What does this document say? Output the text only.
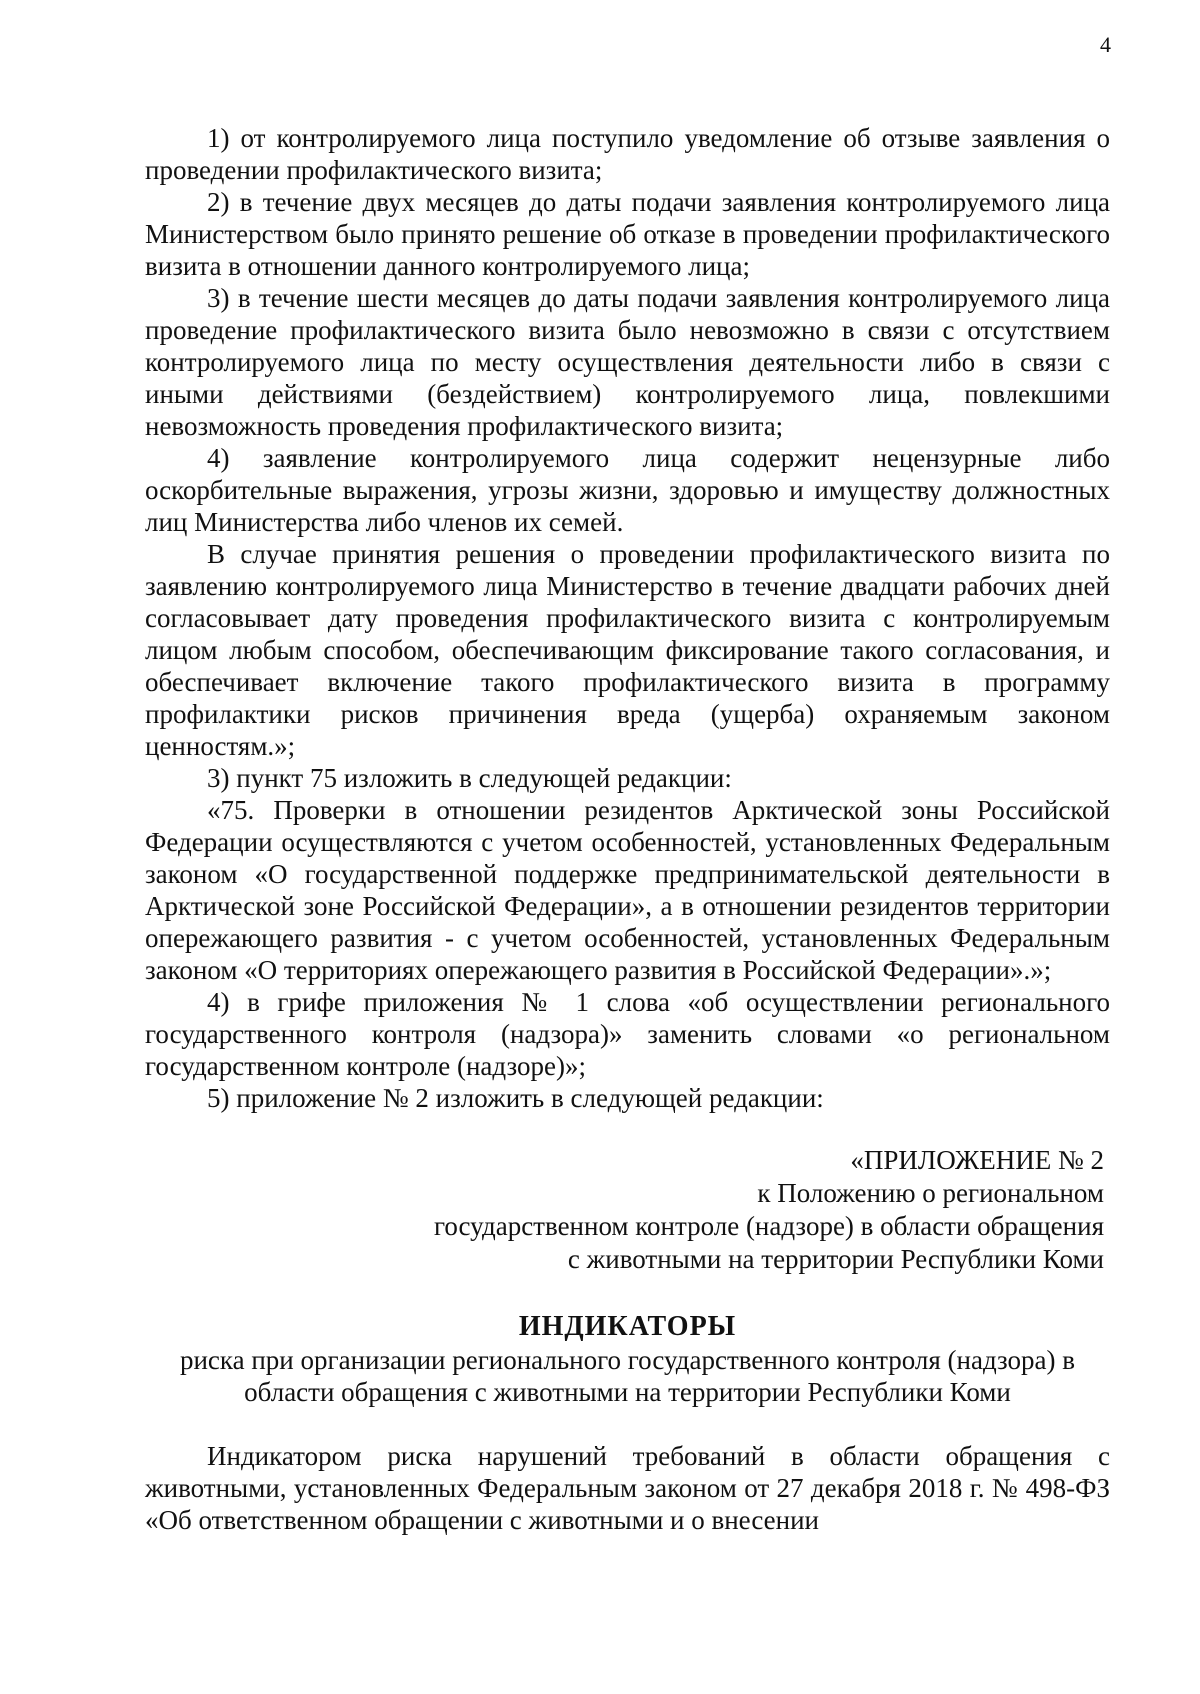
4

1) от контролируемого лица поступило уведомление об отзыве заявления о проведении профилактического визита;

2) в течение двух месяцев до даты подачи заявления контролируемого лица Министерством было принято решение об отказе в проведении профилактического визита в отношении данного контролируемого лица;

3) в течение шести месяцев до даты подачи заявления контролируемого лица проведение профилактического визита было невозможно в связи с отсутствием контролируемого лица по месту осуществления деятельности либо в связи с иными действиями (бездействием) контролируемого лица, повлекшими невозможность проведения профилактического визита;

4) заявление контролируемого лица содержит нецензурные либо оскорбительные выражения, угрозы жизни, здоровью и имуществу должностных лиц Министерства либо членов их семей.

В случае принятия решения о проведении профилактического визита по заявлению контролируемого лица Министерство в течение двадцати рабочих дней согласовывает дату проведения профилактического визита с контролируемым лицом любым способом, обеспечивающим фиксирование такого согласования, и обеспечивает включение такого профилактического визита в программу профилактики рисков причинения вреда (ущерба) охраняемым законом ценностям.»;

3) пункт 75 изложить в следующей редакции:

«75. Проверки в отношении резидентов Арктической зоны Российской Федерации осуществляются с учетом особенностей, установленных Федеральным законом «О государственной поддержке предпринимательской деятельности в Арктической зоне Российской Федерации», а в отношении резидентов территории опережающего развития - с учетом особенностей, установленных Федеральным законом «О территориях опережающего развития в Российской Федерации».»;

4) в грифе приложения № 1 слова «об осуществлении регионального государственного контроля (надзора)» заменить словами «о региональном государственном контроле (надзоре)»;

5) приложение № 2 изложить в следующей редакции:

«ПРИЛОЖЕНИЕ № 2
к Положению о региональном
государственном контроле (надзоре) в области обращения
с животными на территории Республики Коми
ИНДИКАТОРЫ

риска при организации регионального государственного контроля (надзора) в

области обращения с животными на территории Республики Коми

Индикатором риска нарушений требований в области обращения с животными, установленных Федеральным законом от 27 декабря 2018 г. № 498-ФЗ «Об ответственном обращении с животными и о внесении
